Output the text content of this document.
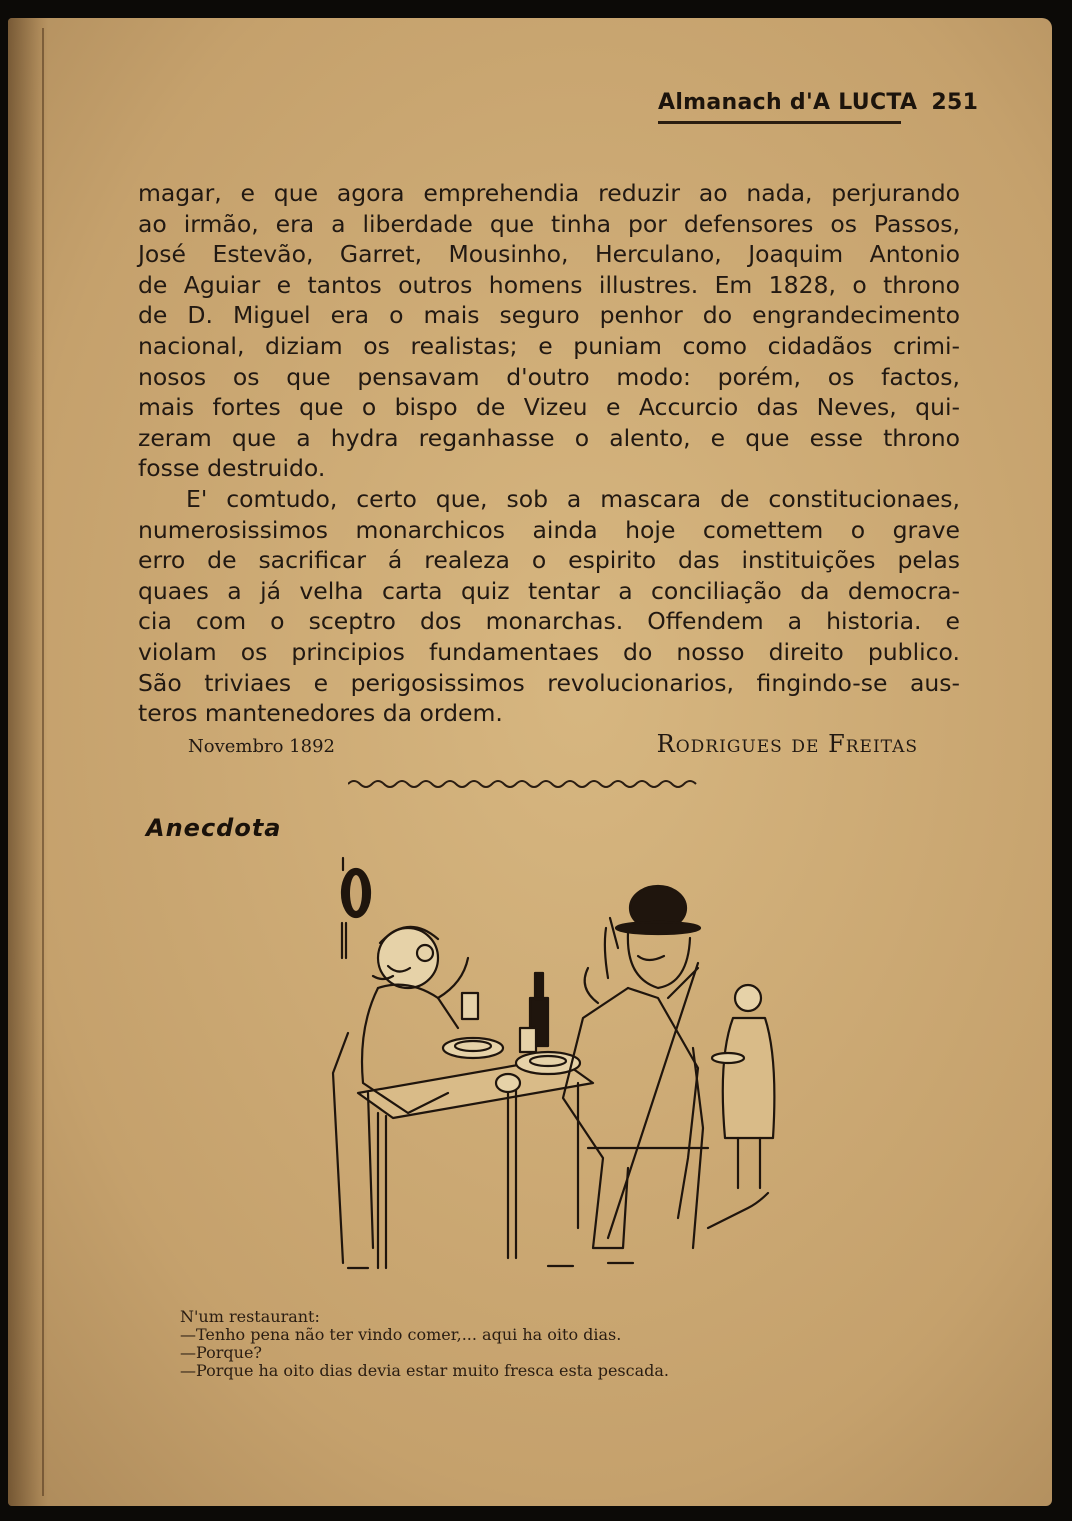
Almanach d'A LUCTA 251
magar, e que agora emprehendia reduzir ao nada, perjurando
ao irmão, era a liberdade que tinha por defensores os Passos,
José Estevão, Garret, Mousinho, Herculano, Joaquim Antonio
de Aguiar e tantos outros homens illustres. Em 1828, o throno
de D. Miguel era o mais seguro penhor do engrandecimento
nacional, diziam os realistas; e puniam como cidadãos crimi-
nosos os que pensavam d'outro modo: porém, os factos,
mais fortes que o bispo de Vizeu e Accurcio das Neves, qui-
zeram que a hydra reganhasse o alento, e que esse throno
fosse destruido.
E' comtudo, certo que, sob a mascara de constitucionaes,
numerosissimos monarchicos ainda hoje comettem o grave
erro de sacrificar á realeza o espirito das instituições pelas
quaes a já velha carta quiz tentar a conciliação da democra-
cia com o sceptro dos monarchas. Offendem a historia. e
violam os principios fundamentaes do nosso direito publico.
São triviaes e perigosissimos revolucionarios, fingindo-se aus-
teros mantenedores da ordem.
Novembro 1892	Rodrigues de Freitas
Anecdota
N'um restaurant:
—Tenho pena não ter vindo comer,... aqui ha oito dias.
—Porque?
—Porque ha oito dias devia estar muito fresca esta pescada.
